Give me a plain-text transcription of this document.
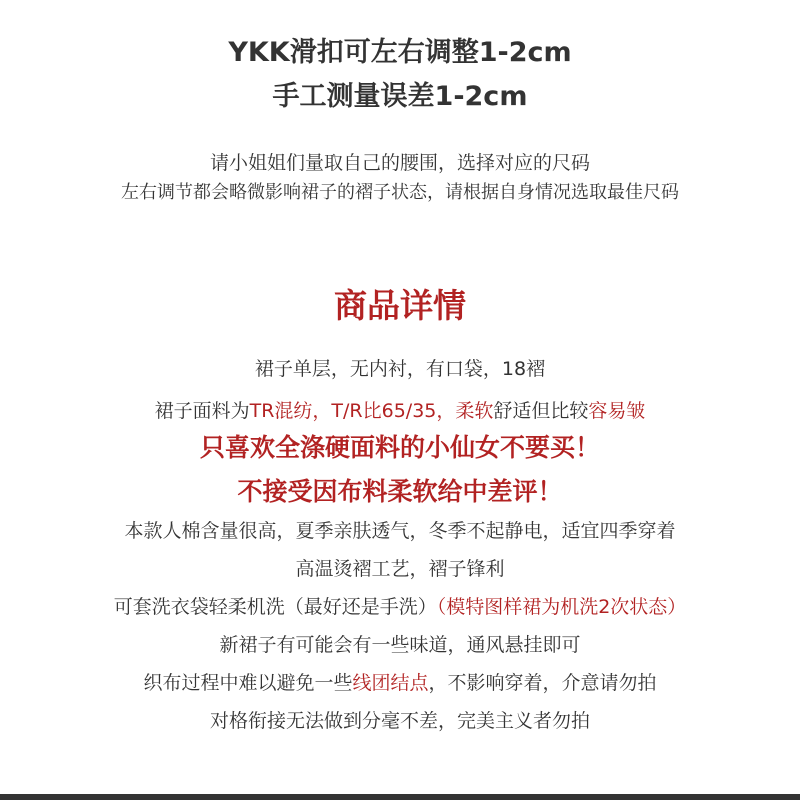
YKK滑扣可左右调整1-2cm
手工测量误差1-2cm
请小姐姐们量取自己的腰围，选择对应的尺码
左右调节都会略微影响裙子的褶子状态，请根据自身情况选取最佳尺码
商品详情
裙子单层，无内衬，有口袋，18褶
裙子面料为TR混纺，T/R比65/35，柔软舒适但比较容易皱
只喜欢全涤硬面料的小仙女不要买！
不接受因布料柔软给中差评！
本款人棉含量很高，夏季亲肤透气，冬季不起静电，适宜四季穿着
高温烫褶工艺，褶子锋利
可套洗衣袋轻柔机洗（最好还是手洗）（模特图样裙为机洗2次状态）
新裙子有可能会有一些味道，通风悬挂即可
织布过程中难以避免一些线团结点，不影响穿着，介意请勿拍
对格衔接无法做到分毫不差，完美主义者勿拍
